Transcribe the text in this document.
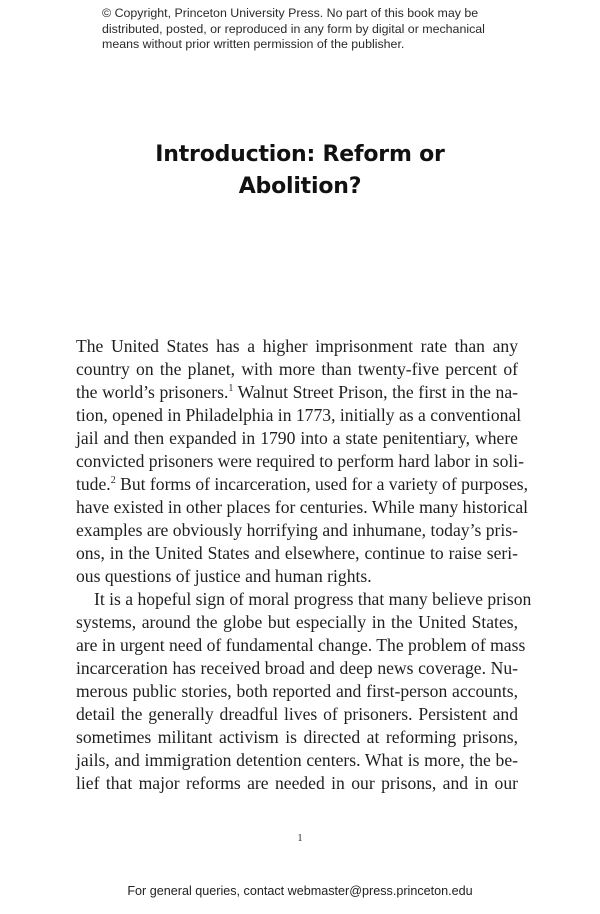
© Copyright, Princeton University Press. No part of this book may be
distributed, posted, or reproduced in any form by digital or mechanical
means without prior written permission of the publisher.
Introduction: Reform or
Abolition?
The United States has a higher imprisonment rate than any
country on the planet, with more than twenty-five percent of
the world’s prisoners.$^1$ Walnut Street Prison, the first in the na-
tion, opened in Philadelphia in 1773, initially as a conventional
jail and then expanded in 1790 into a state penitentiary, where
convicted prisoners were required to perform hard labor in soli-
tude.$^2$ But forms of incarceration, used for a variety of purposes,
have existed in other places for centuries. While many historical
examples are obviously horrifying and inhumane, today’s pris-
ons, in the United States and elsewhere, continue to raise seri-
ous questions of justice and human rights.
It is a hopeful sign of moral progress that many believe prison
systems, around the globe but especially in the United States,
are in urgent need of fundamental change. The problem of mass
incarceration has received broad and deep news coverage. Nu-
merous public stories, both reported and first-person accounts,
detail the generally dreadful lives of prisoners. Persistent and
sometimes militant activism is directed at reforming prisons,
jails, and immigration detention centers. What is more, the be-
lief that major reforms are needed in our prisons, and in our
1
For general queries, contact webmaster@press.princeton.edu
